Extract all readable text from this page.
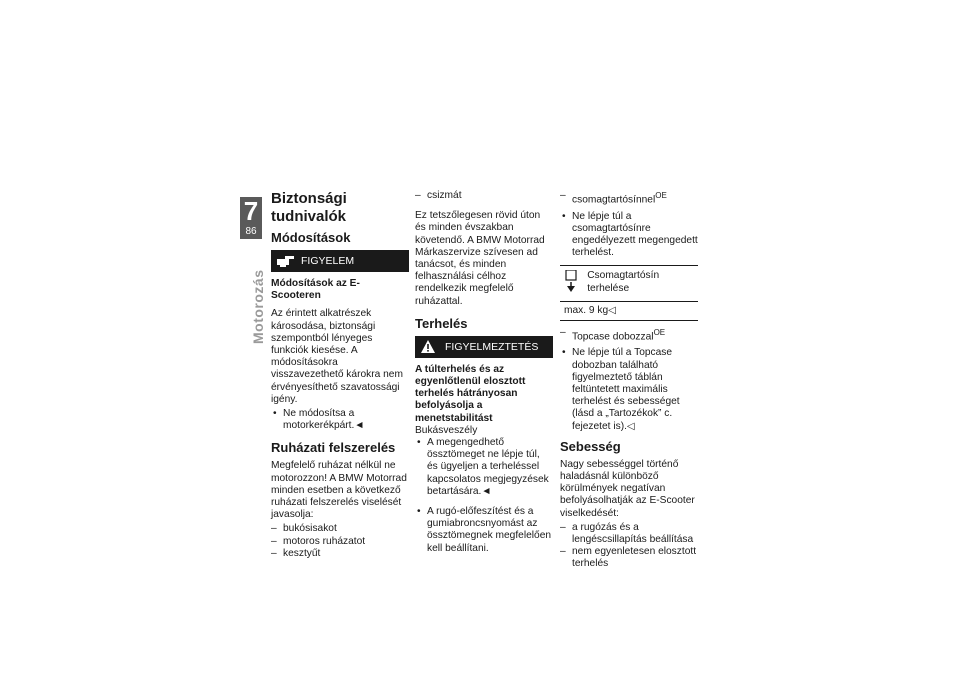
7
86
Motorozás
Biztonsági tudnivalók
Módosítások
FIGYELEM

Módosítások az E-Scooteren

Az érintett alkatrészek károsodása, biztonsági szempontból lényeges funkciók kiesése. A módosításokra visszavezethető károkra nem érvényesíthető szavatossági igény.

• Ne módosítsa a motorkerékpárt.◄
Ruházati felszerelés

Megfelelő ruházat nélkül ne motorozzon! A BMW Motorrad minden esetben a következő ruházati felszerelés viselését javasolja:

– bukósisakot
– motoros ruházatot
– kesztyűt
– csizmát

Ez tetszőlegesen rövid úton és minden évszakban követendő. A BMW Motorrad Márkaszervize szívesen ad tanácsot, és minden felhasználási célhoz rendelkezik megfelelő ruházattal.

Terhelés
FIGYELMEZTETÉS

A túlterhelés és az egyenlőtlenül elosztott terhelés hátrányosan befolyásolja a menetstabilitást

Bukásveszély

• A megengedhető össztömeget ne lépje túl, és ügyeljen a terheléssel kapcsolatos megjegyzések betartására.◄
• A rugó-előfeszítést és a gumiabroncsnyomást az össztömegnek megfelelően kell beállítani.
– csomagtartósínnel$^{OE}$
• Ne lépje túl a csomagtartósínre engedélyezett megengedett terhelést.
Csomagtartósín terhelése
max. 9 kg◁
– Topcase dobozzal$^{OE}$
• Ne lépje túl a Topcase dobozban található figyelmeztető táblán feltüntetett maximális terhelést és sebességet (lásd a „Tartozékok” c. fejezetet is).◁
Sebesség

Nagy sebességgel történő haladásnál különböző körülmények negatívan befolyásolhatják az E-Scooter viselkedését:

– a rugózás és a lengéscsillapítás beállítása
– nem egyenletesen elosztott terhelés
